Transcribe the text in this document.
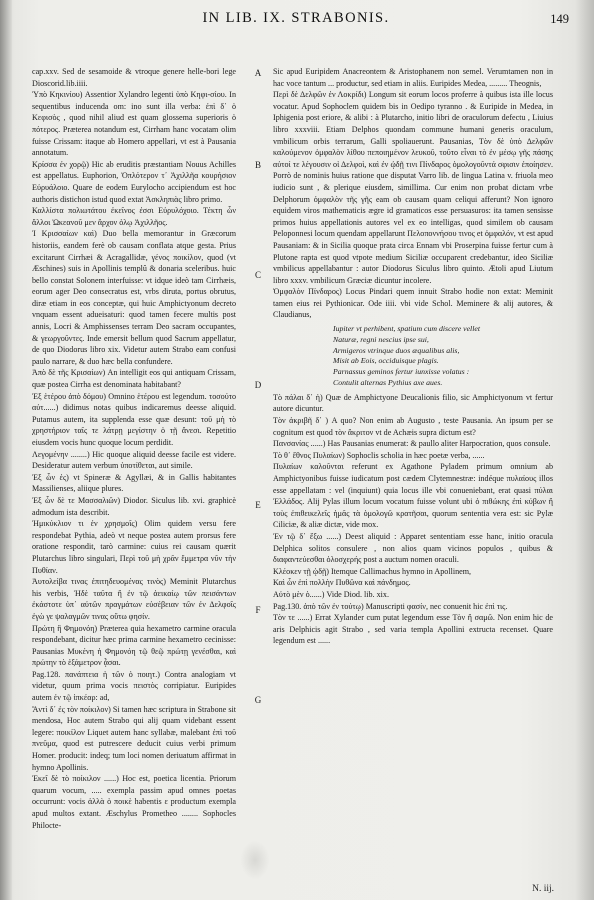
IN LIB. IX. STRABONIS.	149

cap.xxv. Sed de sesamoide & vtroque genere helle-bori lege Dioscorid.lib.iiii.

Ὑπὸ Κηκινίου) Assentior Xylandro legenti ὑπὸ Κηφι-σίου. In sequentibus inducenda om: ino sunt illa verba: ἐπὶ δ᾽ ὁ Κεφισὸς , quod nihil aliud est quam glossema superioris ὁ πότερος. Præterea notandum est, Cirrham hanc vocatam olim fuisse Crissam: itaque ab Homero appellari, vt est à Pausania annotatum.

Κρίσσα ἐν χορῷ) Hic ab eruditis præstantiam Nouus Achilles est appellatus. Euphorion, Ὁπλότερον τ᾽ Ἀχιλλῆα κουρήσιον Εὐρυάλοιο. Quare de eodem Eurylocho accipiendum est hoc authoris distichon istud quod extat Ἀσκληπιὰς libro primo.

Καλλίστα πολιωτάτου ἐκεῖνος ἐσσι Εὐρυλόχοιο. Τέκτη ὧν ἄλλοι Ὠκεανοῦ μεν ἄρχον ὁλῳ Ἀχιλλῆος.

Ἰ Κρισσαίων καὶ) Duo bella memorantur in Græcorum historiis, eandem ferè ob causam conflata atque gesta. Prius excitarunt Cirrhæi & Acragallidæ, γένος ποικίλον, quod (vt Æschines) suis in Apollinis templû & donaria sceleribus. huic bello constat Solonem interfuisse: vt idque ideò tam Cirrhæis, eorum ager Deo consecratus est, vrbs diruta, portus obrutus, diræ etiam in eos conceptæ, qui huic Amphictyonum decreto vnquam essent adueisaturi: quod tamen fecere multis post annis, Locri & Amphissenses terram Deo sacram occupantes, & γεωργοῦντες. Inde emersit bellum quod Sacrum appellatur, de quo Diodorus libro xix. Videtur autem Strabo eam confusi paulo narrare, & duo hæc bella confundere.

Ἀπὸ δὲ τῆς Κρισαίων) An intelligit eos qui antiquam Crissam, quæ postea Cirrha est denominata habitabant?

Ἐξ ἑτέρου ἀπὸ δόμου) Omnino ἑτέρου est legendum. τοσούτο αὐτ......) didimus notas quibus indicaremus deesse aliquid. Putamus autem, ita supplenda esse quæ desunt: τοῦ μὴ τὸ χρηστήριον ταῖς τε λάτρῃ μεγίστην ὁ τῇ ἄνεσι. Repetitio eiusdem vocis hunc quoque locum perdidit.

Λεγομένην ........) Hic quoque aliquid deesse facile est videre. Desideratur autem verbum ὑποτίθεται, aut simile.

Ἐξ ὧν ἐς) vt Spineræ & Agyllæi, & in Gallis habitantes Massilienses, aliique plures.

Ἐξ ὧν δὲ τε Μασσαλιῶν) Diodor. Siculus lib. xvi. graphicè admodum ista describit.

Ἡμικύκλιον τι ἐν χρησμοῖς) Olim quidem versu fere respondebat Pythia, adeò vt neque postea autem prorsus fere oratione respondit, tarò carmine: cuius rei causam quærit Plutarchus libro singulari, Περὶ τοῦ μὴ χρᾶν ἔμμετρα νῦν τὴν Πυθίαν.

Ἀυτολείβα τινας ἐπιτηδευομένας τινὸς) Meminit Plutarchus his verbis, Ἠδὲ ταῦτα ἢ ἐν τῷ ἀεικαίῳ τῶν πεισάντων ἐκάστοτε ὑπ᾽ αὐτῶν πραγμάτων εὐσέβειαν τῶν ἐν Δελφοῖς ἐγὼ γε ψαλαγμῶν τινας οὕτω φησίν.

Πρώτη ἣ Φημονόη) Præterea quia hexametro carmine oracula respondebant, dicitur hæc prima carmine hexametro cecinisse: Pausanias Μυκένη ἡ Φημονόη τῷ θεῷ πρώτῃ γενέσθαι, καὶ πρώτην τὸ ἑξάμετρον ᾆσαι.

Pag.128. πανάπτεια ἡ τῶν ὁ ποιητ.) Contra analogiam vt videtur, quum prima vocis πειστὸς corripiatur. Euripides autem ἐν τῷ ἱπκέαρ: ad,

Ἄντὶ δ᾽ ἐς τὸν ποίκιλον) Si tamen hæc scriptura in Strabone sit mendosa, Hoc autem Strabo qui alij quam videbant essent legere: ποικίλον Liquet autem hanc syllabæ, malebant ἐπὶ τοῦ πνεῦμα, quod est putrescere deducit cuius verbi primum Homer. producit: indeq; tum loci nomen deriuatum affirmat in hymno Apollinis.

Ἐκεῖ δὲ τὸ ποίκιλον ......) Hoc est, poetica licentia. Priorum quarum vocum, ..... exempla passim apud omnes poetas occurrunt: vocis ἀλλὰ ὁ ποικὲ habentis ε productum exempla apud multos extant. Æschylus Prometheo ........ Sophocles Philocte-

A
B
C
D
E
F
G

Sic apud Euripidem Anacreontem & Aristophanem non semel. Verumtamen non in hac voce tantum ... productur, sed etiam in aliis. Euripides Medea, ......... Theognis,

Περὶ δὲ Δελφῶν ἐν Λοκρίδι) Longum sit eorum locos proferre à quibus ista ille locus vocatur. Apud Sophoclem quidem bis in Oedipo tyranno . & Euripide in Medea, in Iphigenia post eriore, & alibi : à Plutarcho, initio libri de oraculorum defectu , Liuius libro xxxviii. Etiam Delphos quondam commune humani generis oraculum, vmbilicum orbis terrarum, Galli spoliauerunt. Pausanias, Τὸν δὲ ὑπὸ Δελφῶν καλούμενον ὀμφαλὸν λίθου πεποιημένον λευκοῦ, τοῦτο εἶναι τὸ ἐν μέσῳ γῆς πάσης αὐτοί τε λέγουσιν οἱ Δελφοὶ, καὶ ἐν ᾠδῇ τινι Πίνδαρος ὁμολογοῦντά σφισιν ἐποίησεν. Porrò de nominis huius ratione que disputat Varro lib. de lingua Latina v. friuola meo iudicio sunt , & plerique eiusdem, simillima. Cur enim non probat dictam vrbe Delphorum ὀμφαλὸν τῆς γῆς eam ob causam quam celiqui afferunt? Non ignoro equidem viros mathematicis ægre id gramaticos esse persuasuros: ita tamen sensisse primos huius appellationis autores vel ex eo intelligas, quod similem ob causam Peloponnesi locum quendam appellarunt Πελοποννήσου τινος et ὀμφαλόν, vt est apud Pausaniam: & in Sicilia quoque prata circa Ennam vbi Proserpina fuisse fertur cum à Plutone rapta est quod vtpote medium Siciliæ occuparent credebantur, ideo Siciliæ vmbilicus appellabantur : autor Diodorus Siculus libro quinto. Ætoli apud Liutum libro xxxv. vmbilicum Græciæ dicuntur incolere.

Ὀμφαλὸν Πίνδαρος) Locus Pindari quem innuit Strabo hodie non extat: Meminit tamen eius rei Pythionicar. Ode iiii. vbi vide Schol. Meminere & alij autores, & Claudianus,

Iupiter vt perhibent, spatium cum discere vellet
Naturæ, regni nescius ipse sui,
Armigeros vtrinque duos æqualibus alis,
Misit ab Eois, occiduisque plagis.
Parnassus geminos fertur iunxisse volatus :
Contulit alternas Pythius axe aues.

Τὸ πάλαι δ᾽ ἡ) Quæ de Amphictyone Deucalionis filio, sic Amphictyonum vt fertur autore dicuntur.

Τὸν ἀκριβῆ δ᾽ ) A quo? Non enim ab Augusto , teste Pausania. An ipsum per se cognitum est quod τὸν ἄκριτον vt de Achæis supra dictum est?

Πανσανίας ......) Has Pausanias enumerat: & paullo aliter Harpocration, quos consule.

Τὸ θ᾽ ἔθνος Πυλαίων) Sophoclis scholia in hæc poetæ verba, ......

Πυλαίων καλοῦνται referunt ex Agathone Pyladem primum omnium ab Amphictyonibus fuisse iudicatum post cædem Clytemnestræ: indéque πυλαίους illos esse appellatam : vel (inquiunt) quia locus ille vbi conueniebant, erat quasi πύλαι Ἑλλάδος. Alij Pylas illum locum vocatum fuisse volunt ubi ὁ πιθώκης ἐπὶ κύβων ἢ τοὺς ἐπιθεικελεῖς ἡμᾶς τὰ ὁμολογῶ κρατῆσαι, quorum sententia vera est: sic Pylæ Ciliciæ, & aliæ dictæ, vide mox.

Ἐν τῷ δ᾽ ἕξω ......) Deest aliquid : Apparet sententiam esse hanc, initio oracula Delphica solitos consulere , non alios quam vicinos populos , quibus & διαφαντεύεσθαι ὁλοσχερής post a auctum nomen oraculi.

Κλέοκεν τῇ ᾠδῇ) Itemque Callimachus hymno in Apollinem,

Καὶ ὧν ἐπὶ πολλὴν Πυθῶνα καὶ πάνδημος.

Αὐτὸ μὲν ὁ......) Vide Diod. lib. xix.

Pag.130. ἀπὸ τῶν ἐν τούτῳ) Manuscripti φασίν, nec conuenit hic ἐπὶ τις.

Τὸν τε ......) Errat Xylander cum putat legendum esse Τὸν ἢ σαμῶ. Non enim hic de aris Delphicis agit Strabo , sed varia templa Apollini extructa recenset. Quare legendum est ......

N. iij.
